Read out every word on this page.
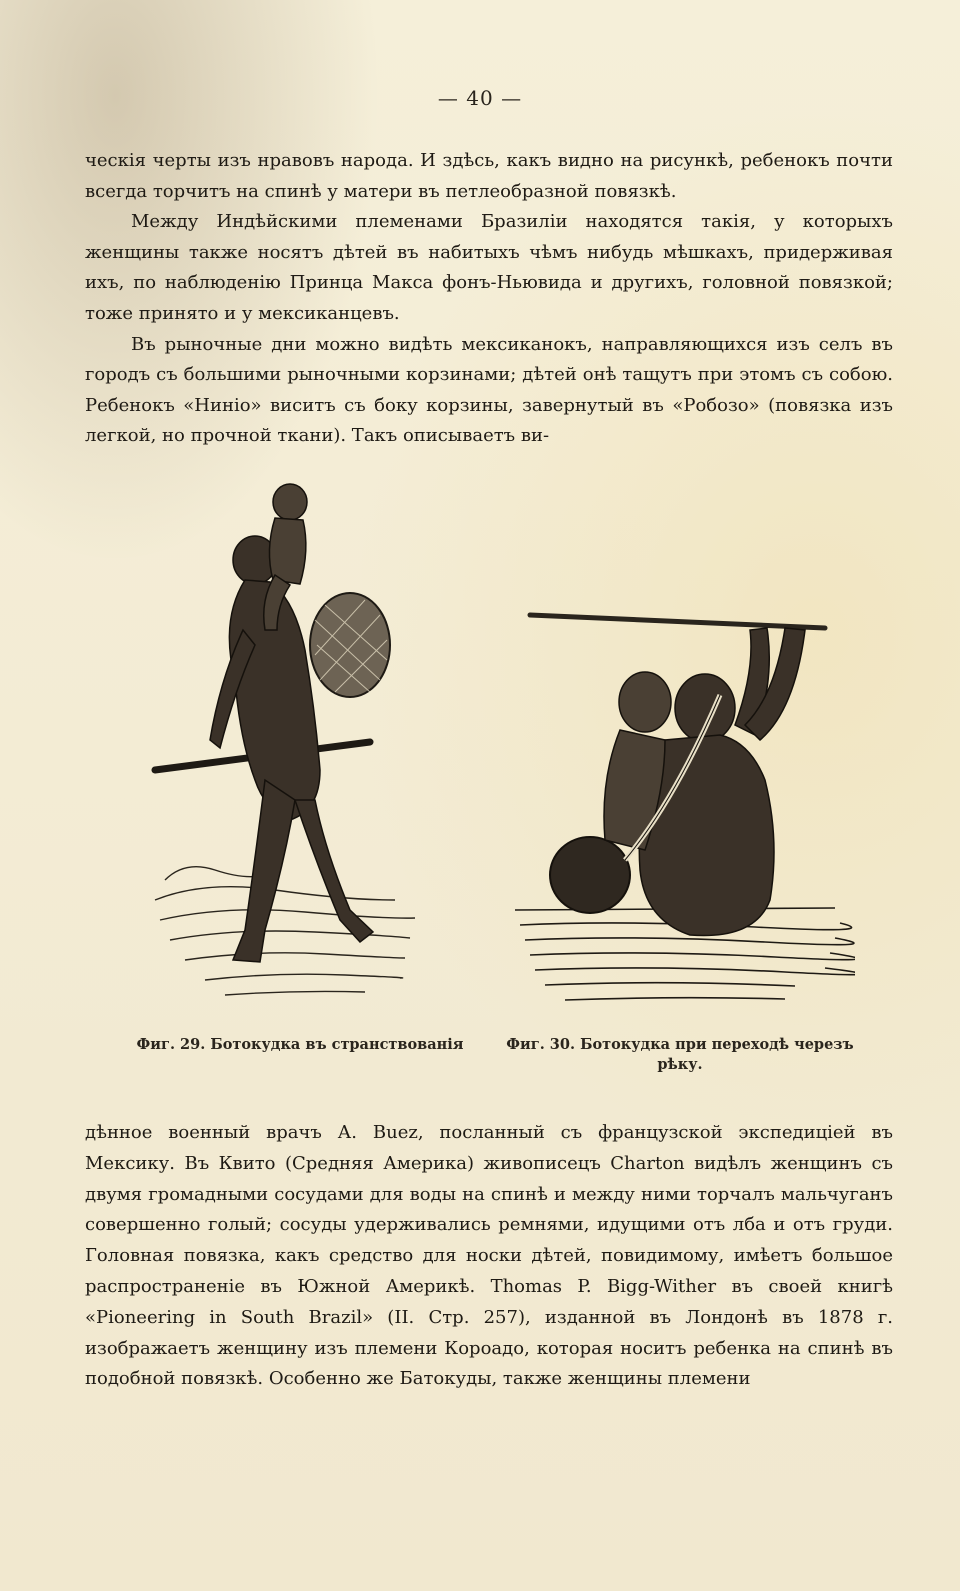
— 40 —

ческія черты изъ нравовъ народа. И здѣсь, какъ видно на рисункѣ, ребенокъ почти всегда торчитъ на спинѣ у матери въ петлеобразной повязкѣ.

Между Индѣйскими племенами Бразиліи находятся такія, у которыхъ женщины также носятъ дѣтей въ набитыхъ чѣмъ нибудь мѣшкахъ, придерживая ихъ, по наблюденію Принца Макса фонъ-Ньювида и другихъ, головной повязкой; тоже принято и у мексиканцевъ.

Въ рыночные дни можно видѣть мексиканокъ, направляющихся изъ селъ въ городъ съ большими рыночными корзинами; дѣтей онѣ тащутъ при этомъ съ собою. Ребенокъ «Ниніо» виситъ съ боку корзины, завернутый въ «Робозо» (повязка изъ легкой, но прочной ткани). Такъ описываетъ ви-

Фиг. 29. Ботокудка въ странствованія	Фиг. 30. Ботокудка при переходѣ черезъ рѣку.

дѣнное военный врачъ А. Buez, посланный съ французской экспедиціей въ Мексику. Въ Квито (Средняя Америка) живописецъ Charton видѣлъ женщинъ съ двумя громадными сосудами для воды на спинѣ и между ними торчалъ мальчуганъ совершенно голый; сосуды удерживались ремнями, идущими отъ лба и отъ груди. Головная повязка, какъ средство для носки дѣтей, повидимому, имѣетъ большое распространеніе въ Южной Америкѣ. Thomas P. Bigg-Wither въ своей книгѣ «Pioneering in South Brazil» (II. Стр. 257), изданной въ Лондонѣ въ 1878 г. изображаетъ женщину изъ племени Короадо, которая носитъ ребенка на спинѣ въ подобной повязкѣ. Особенно же Батокуды, также женщины племени
